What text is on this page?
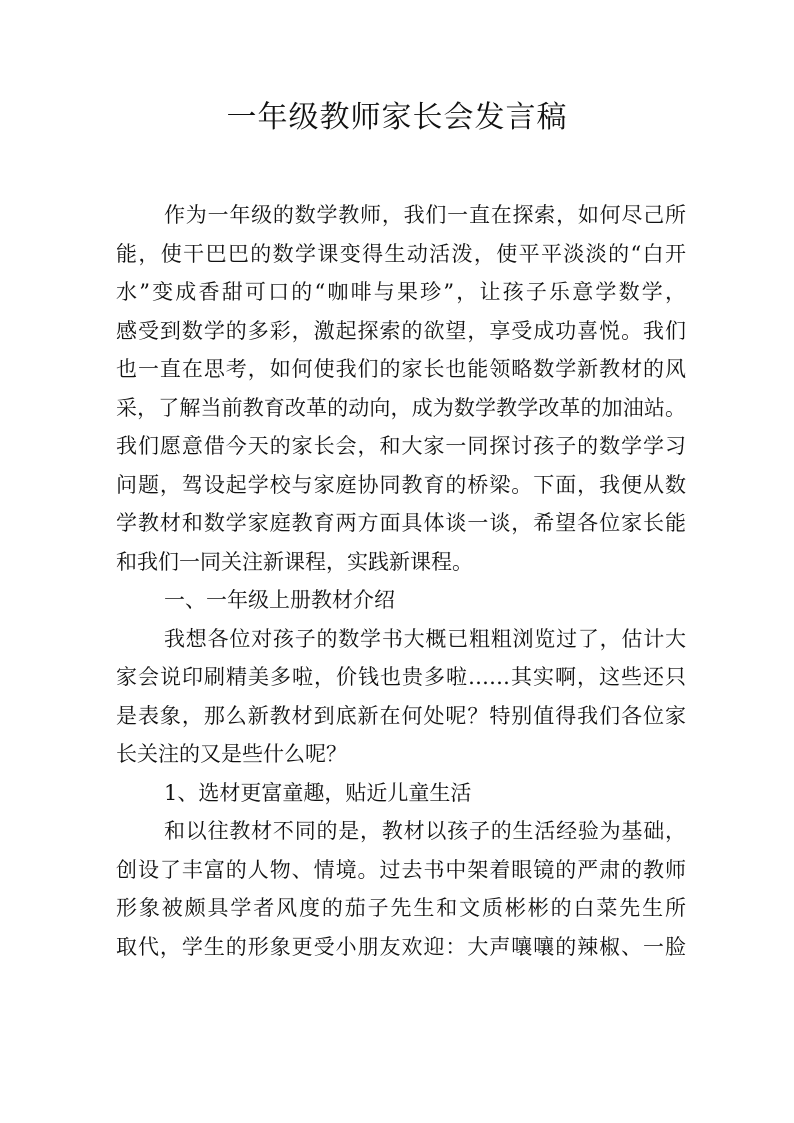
一年级教师家长会发言稿
作为一年级的数学教师，我们一直在探索，如何尽己所
能，使干巴巴的数学课变得生动活泼，使平平淡淡的“白开
水”变成香甜可口的“咖啡与果珍”，让孩子乐意学数学，
感受到数学的多彩，激起探索的欲望，享受成功喜悦。我们
也一直在思考，如何使我们的家长也能领略数学新教材的风
采，了解当前教育改革的动向，成为数学教学改革的加油站。
我们愿意借今天的家长会，和大家一同探讨孩子的数学学习
问题，驾设起学校与家庭协同教育的桥梁。下面，我便从数
学教材和数学家庭教育两方面具体谈一谈，希望各位家长能
和我们一同关注新课程，实践新课程。
一、一年级上册教材介绍
我想各位对孩子的数学书大概已粗粗浏览过了，估计大
家会说印刷精美多啦，价钱也贵多啦……其实啊，这些还只
是表象，那么新教材到底新在何处呢？特别值得我们各位家
长关注的又是些什么呢？
1、选材更富童趣，贴近儿童生活
和以往教材不同的是，教材以孩子的生活经验为基础，
创设了丰富的人物、情境。过去书中架着眼镜的严肃的教师
形象被颇具学者风度的茄子先生和文质彬彬的白菜先生所
取代，学生的形象更受小朋友欢迎：大声嚷嚷的辣椒、一脸
